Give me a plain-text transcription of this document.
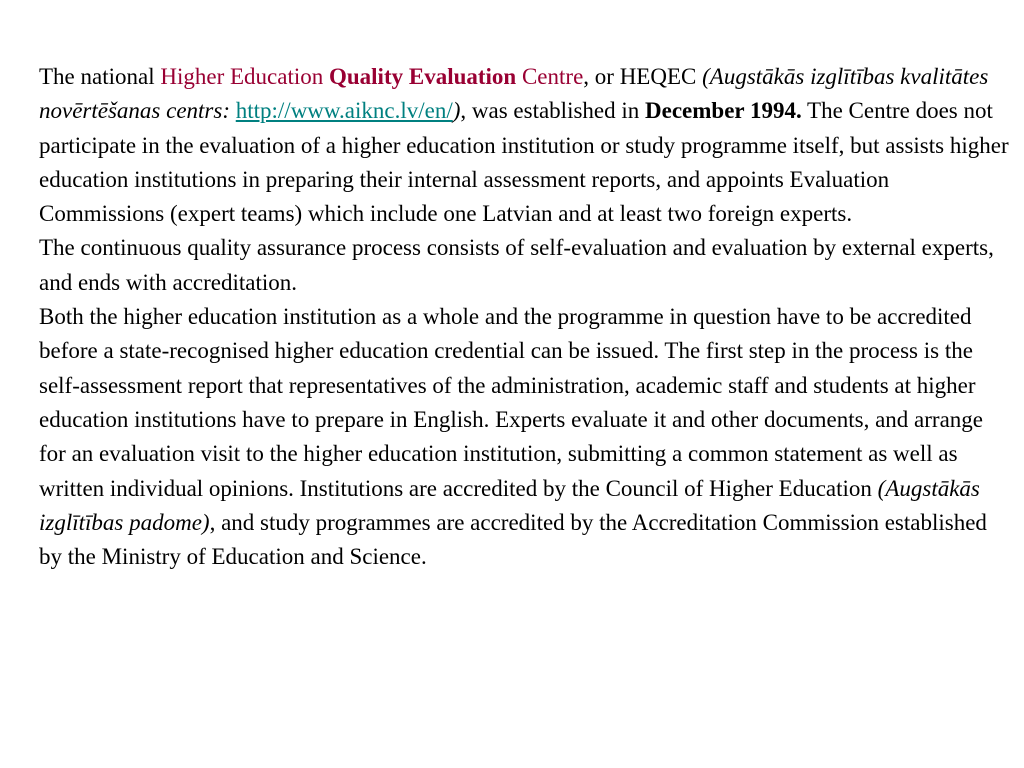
The national Higher Education Quality Evaluation Centre, or HEQEC (Augstākās izglītības kvalitātes novērtēšanas centrs: http://www.aiknc.lv/en/), was established in December 1994. The Centre does not participate in the evaluation of a higher education institution or study programme itself, but assists higher education institutions in preparing their internal assessment reports, and appoints Evaluation Commissions (expert teams) which include one Latvian and at least two foreign experts.

The continuous quality assurance process consists of self-evaluation and evaluation by external experts, and ends with accreditation.

Both the higher education institution as a whole and the programme in question have to be accredited before a state-recognised higher education credential can be issued. The first step in the process is the self-assessment report that representatives of the administration, academic staff and students at higher education institutions have to prepare in English. Experts evaluate it and other documents, and arrange for an evaluation visit to the higher education institution, submitting a common statement as well as written individual opinions. Institutions are accredited by the Council of Higher Education (Augstākās izglītības padome), and study programmes are accredited by the Accreditation Commission established by the Ministry of Education and Science.
